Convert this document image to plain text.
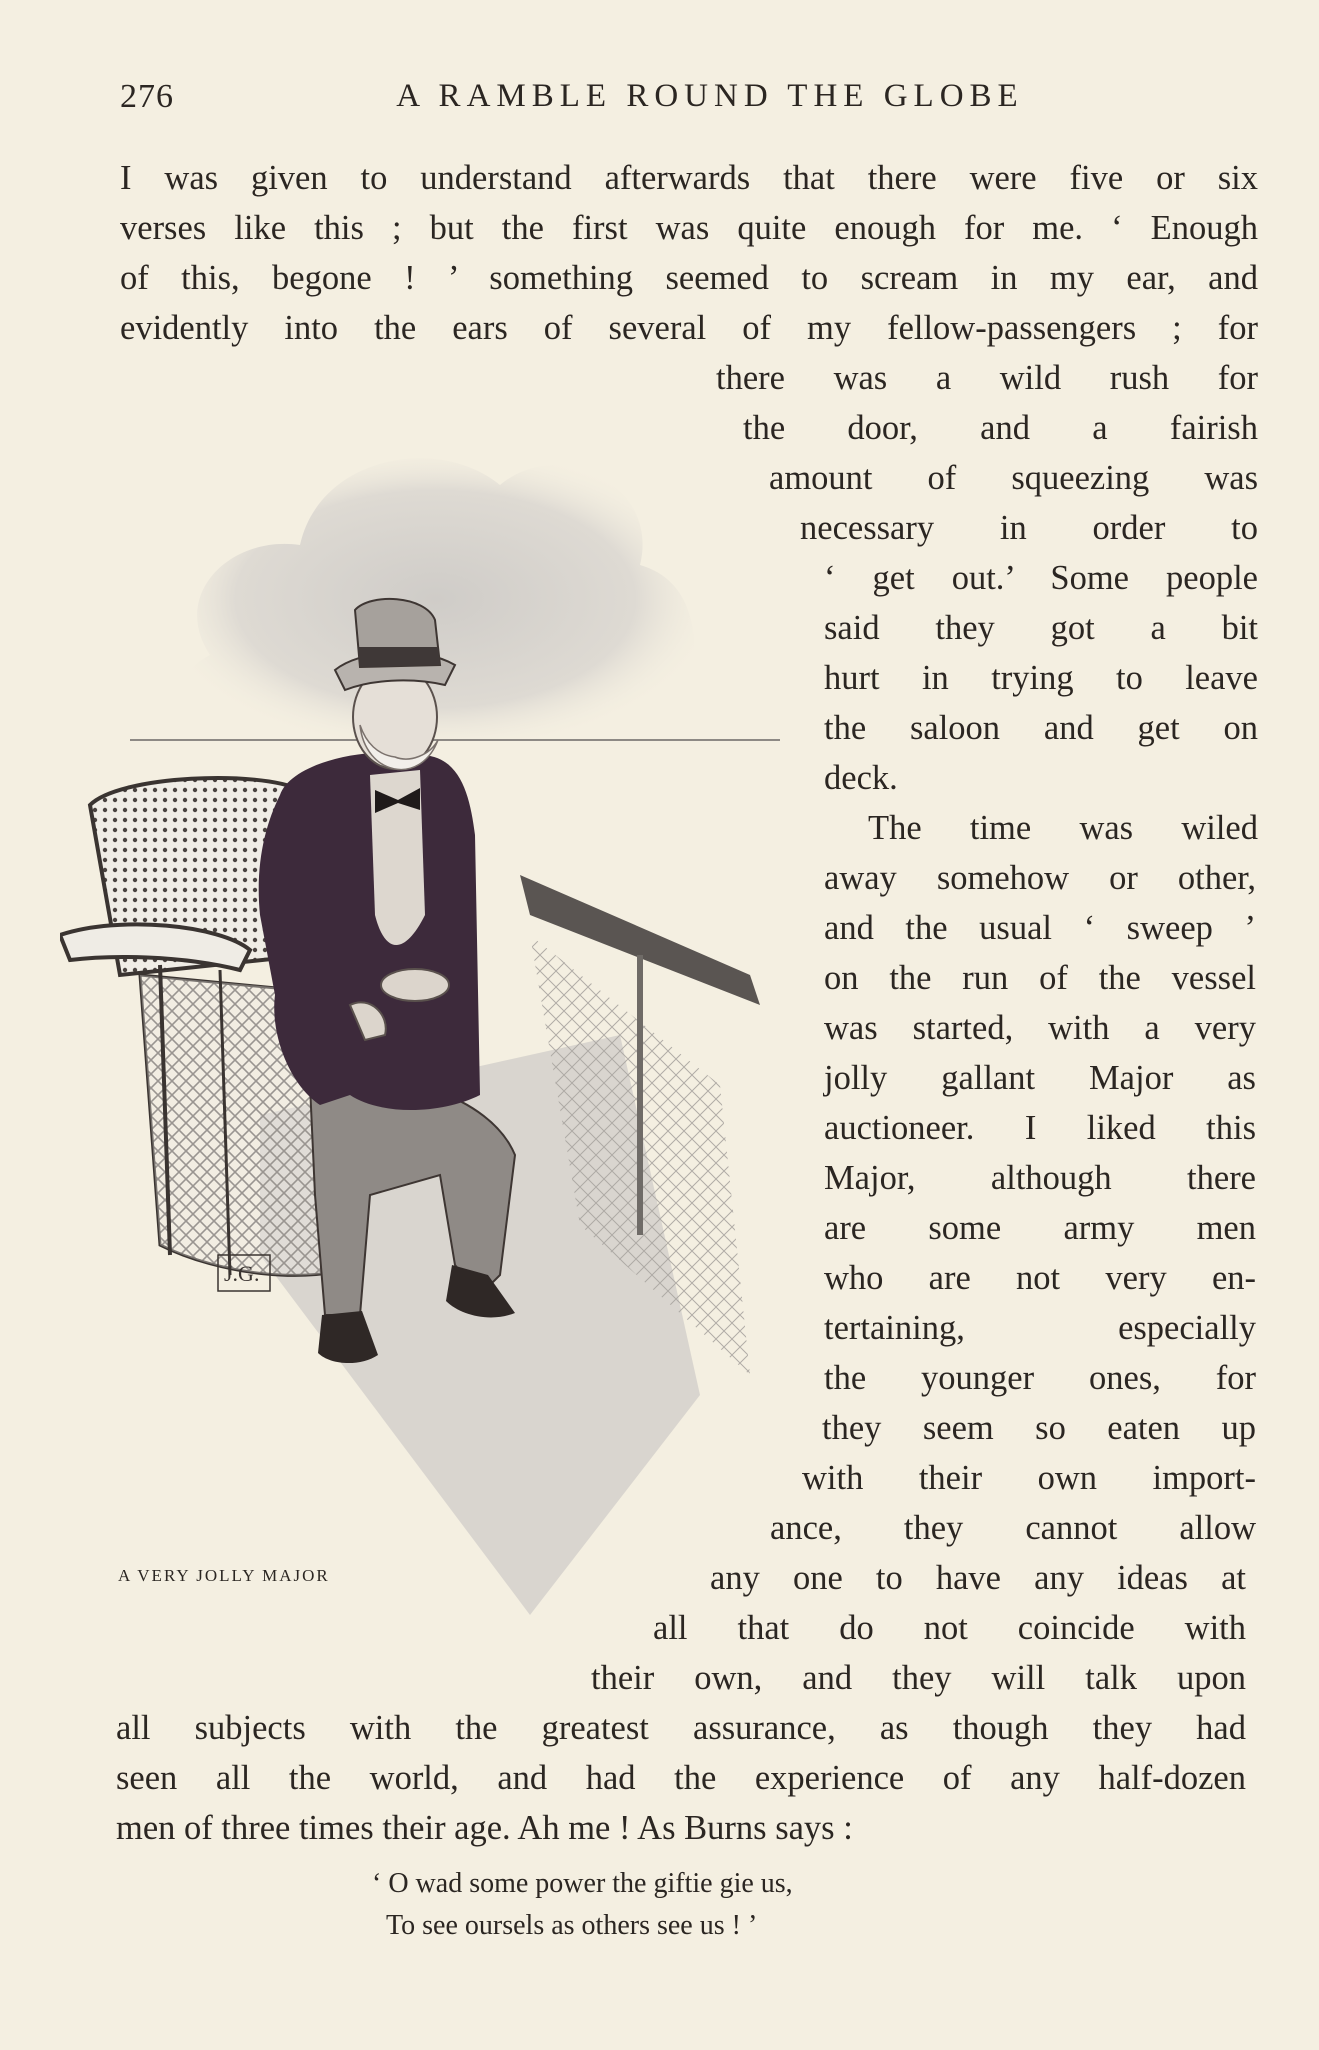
276	A RAMBLE ROUND THE GLOBE
I was given to understand afterwards that there were five or six
verses like this ; but the first was quite enough for me. ‘ Enough
of this, begone ! ’ something seemed to scream in my ear, and
evidently into the ears of several of my fellow-passengers ; for
there was a wild rush for
the door, and a fairish
amount of squeezing was
necessary in order to
‘ get out.’ Some people
said they got a bit
hurt in trying to leave
the saloon and get on
deck.
The time was wiled
away somehow or other,
and the usual ‘ sweep ’
on the run of the vessel
was started, with a very
jolly gallant Major as
auctioneer. I liked this
Major, although there
are some army men
who are not very en-
tertaining, especially
the younger ones, for
they seem so eaten up
with their own import-
ance, they cannot allow
any one to have any ideas at
all that do not coincide with
their own, and they will talk upon
all subjects with the greatest assurance, as though they had
seen all the world, and had the experience of any half-dozen
men of three times their age. Ah me ! As Burns says :
J.G.
A VERY JOLLY MAJOR
‘ O wad some power the giftie gie us,
To see oursels as others see us ! ’
